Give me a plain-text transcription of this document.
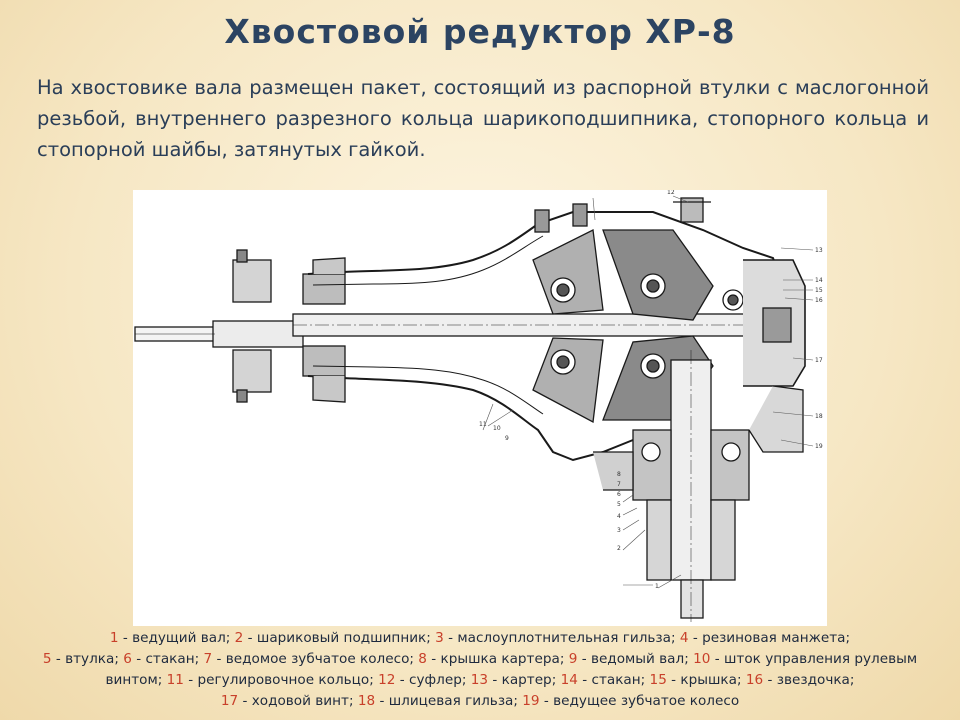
Хвостовой редуктор ХР-8

На хвостовике вала размещен пакет, состоящий из распорной втулки с маслогонной резьбой, внутреннего разрезного кольца шарикоподшипника, стопорного кольца и стопорной шайбы, затянутых гайкой.

1
2
3
4
5
6
7
8
9
10
11
12
13
14
15
16
17
18
19

1 - ведущий вал; 2 - шариковый подшипник; 3 - маслоуплотнительная гильза; 4 - резиновая манжета;
5 - втулка; 6 - стакан; 7 - ведомое зубчатое колесо; 8 - крышка картера; 9 - ведомый вал; 10 - шток управления рулевым винтом; 11 - регулировочное кольцо; 12 - суфлер; 13 - картер; 14 - стакан; 15 - крышка; 16 - звездочка;
17 - ходовой винт; 18 - шлицевая гильза; 19 - ведущее зубчатое колесо
